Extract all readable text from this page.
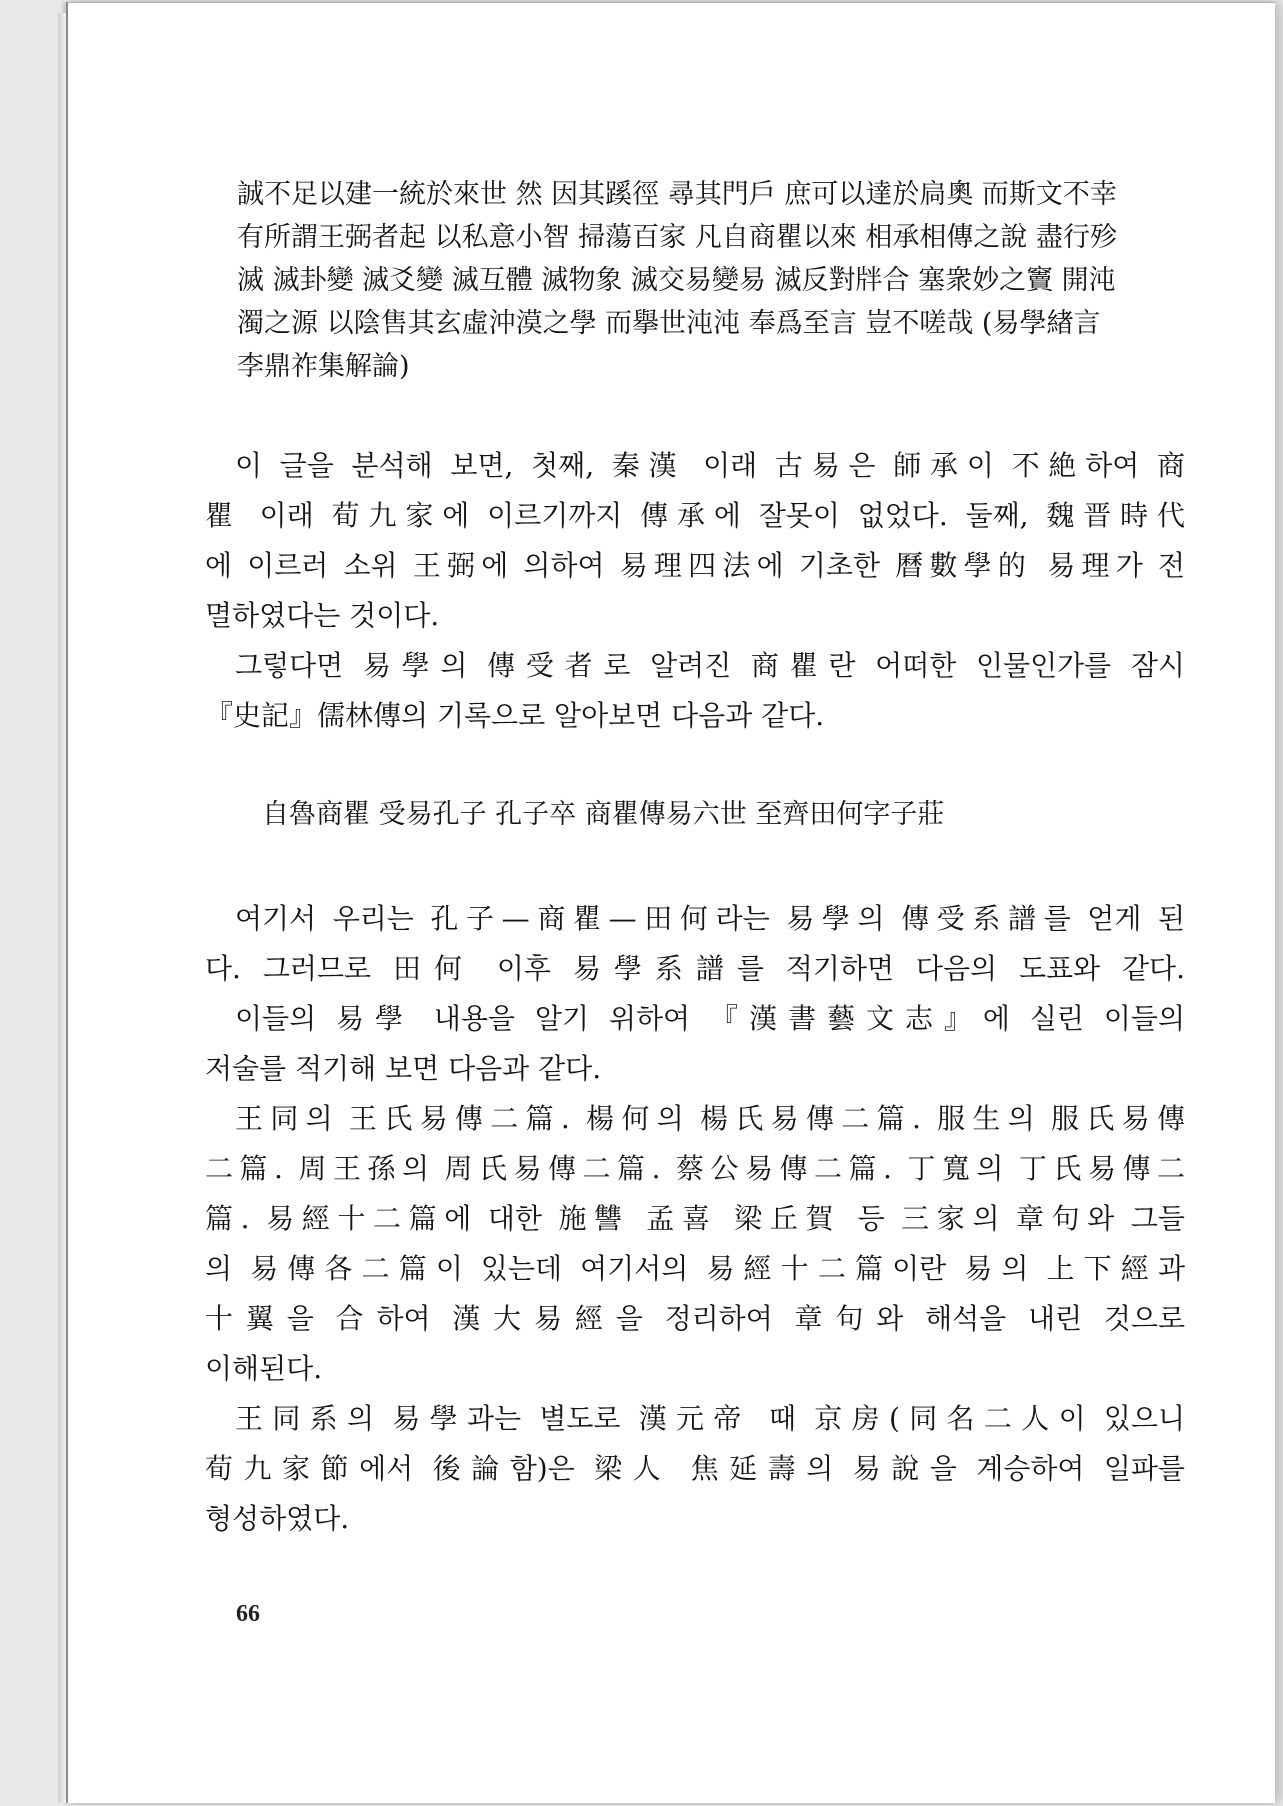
誠不足以建一統於來世 然 因其蹊徑 尋其門戶 庶可以達於扃奧 而斯文不幸
有所謂王弼者起 以私意小智 掃蕩百家 凡自商瞿以來 相承相傳之說 盡行殄
滅 滅卦變 滅爻變 滅互體 滅物象 滅交易變易 滅反對牉合 塞衆妙之竇 開沌
濁之源 以陰售其玄虛沖漠之學 而擧世沌沌 奉爲至言 豈不嗟哉 (易學緖言
李鼎祚集解論)
이 글을 분석해 보면, 첫째, 秦漢 이래 古易은 師承이 不絶하여 商
瞿 이래 荀九家에 이르기까지 傳承에 잘못이 없었다. 둘째, 魏晋時代
에 이르러 소위 王弼에 의하여 易理四法에 기초한 曆數學的 易理가 전
멸하였다는 것이다.
그렇다면 易學의 傳受者로 알려진 商瞿란 어떠한 인물인가를 잠시
『史記』儒林傳의 기록으로 알아보면 다음과 같다.
自魯商瞿 受易孔子 孔子卒 商瞿傳易六世 至齊田何字子莊
여기서 우리는 孔子—商瞿—田何라는 易學의 傳受系譜를 얻게 된
다. 그러므로 田何 이후 易學系譜를 적기하면 다음의 도표와 같다.
이들의 易學 내용을 알기 위하여 『漢書藝文志』에 실린 이들의
저술를 적기해 보면 다음과 같다.
王同의 王氏易傳二篇. 楊何의 楊氏易傳二篇. 服生의 服氏易傳
二篇. 周王孫의 周氏易傳二篇. 蔡公易傳二篇. 丁寬의 丁氏易傳二
篇. 易經十二篇에 대한 施讐 孟喜 梁丘賀 등 三家의 章句와 그들
의 易傳各二篇이 있는데 여기서의 易經十二篇이란 易의 上下經과
十翼을 合하여 漢大易經을 정리하여 章句와 해석을 내린 것으로
이해된다.
王同系의 易學과는 별도로 漢元帝 때 京房(同名二人이 있으니
荀九家節에서 後論함)은 梁人 焦延壽의 易說을 계승하여 일파를
형성하였다.
66
